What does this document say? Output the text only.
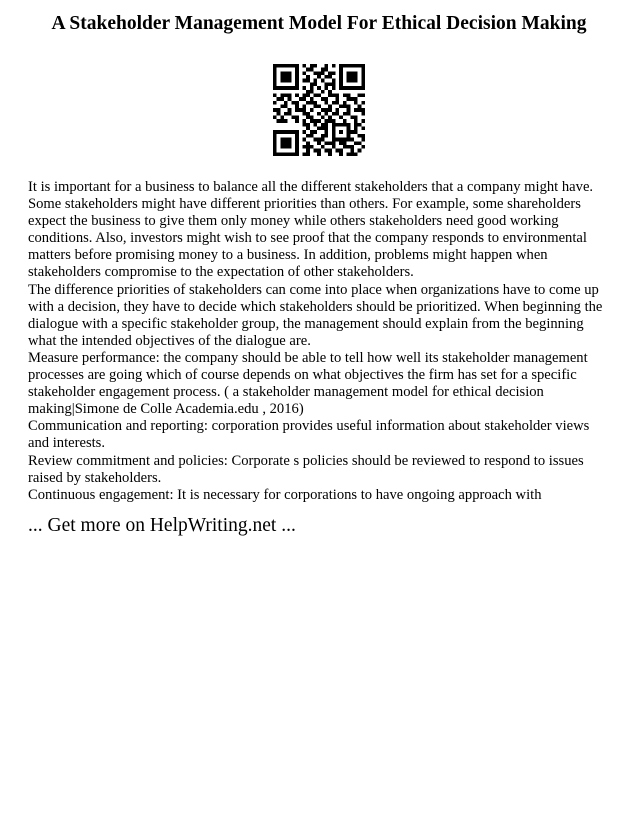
A Stakeholder Management Model For Ethical Decision Making

It is important for a business to balance all the different stakeholders that a company might have. Some stakeholders might have different priorities than others. For example, some shareholders expect the business to give them only money while others stakeholders need good working conditions. Also, investors might wish to see proof that the company responds to environmental matters before promising money to a business. In addition, problems might happen when stakeholders compromise to the expectation of other stakeholders.

The difference priorities of stakeholders can come into place when organizations have to come up with a decision, they have to decide which stakeholders should be prioritized. When beginning the dialogue with a specific stakeholder group, the management should explain from the beginning what the intended objectives of the dialogue are.

Measure performance: the company should be able to tell how well its stakeholder management processes are going which of course depends on what objectives the firm has set for a specific stakeholder engagement process. ( a stakeholder management model for ethical decision making|Simone de Colle Academia.edu , 2016)

Communication and reporting: corporation provides useful information about stakeholder views and interests.

Review commitment and policies: Corporate s policies should be reviewed to respond to issues raised by stakeholders.

Continuous engagement: It is necessary for corporations to have ongoing approach with

... Get more on HelpWriting.net ...
